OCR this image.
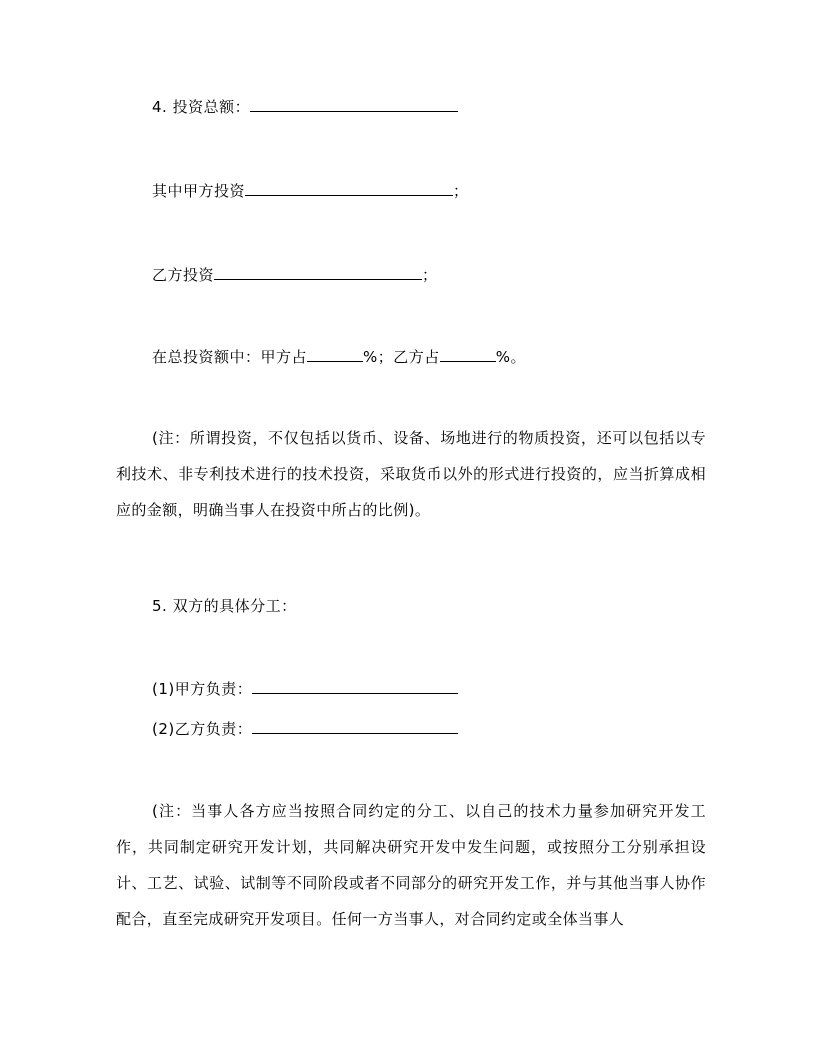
4. 投资总额：
其中甲方投资	；
乙方投资	；
在总投资额中：甲方占	%；乙方占	%。
(注：所谓投资，不仅包括以货币、设备、场地进行的物质投资，还可以包括以专利技术、非专利技术进行的技术投资，采取货币以外的形式进行投资的，应当折算成相应的金额，明确当事人在投资中所占的比例)。
5. 双方的具体分工：
(1)甲方负责：
(2)乙方负责：
(注：当事人各方应当按照合同约定的分工、以自己的技术力量参加研究开发工作，共同制定研究开发计划，共同解决研究开发中发生问题，或按照分工分别承担设计、工艺、试验、试制等不同阶段或者不同部分的研究开发工作，并与其他当事人协作配合，直至完成研究开发项目。任何一方当事人，对合同约定或全体当事人
